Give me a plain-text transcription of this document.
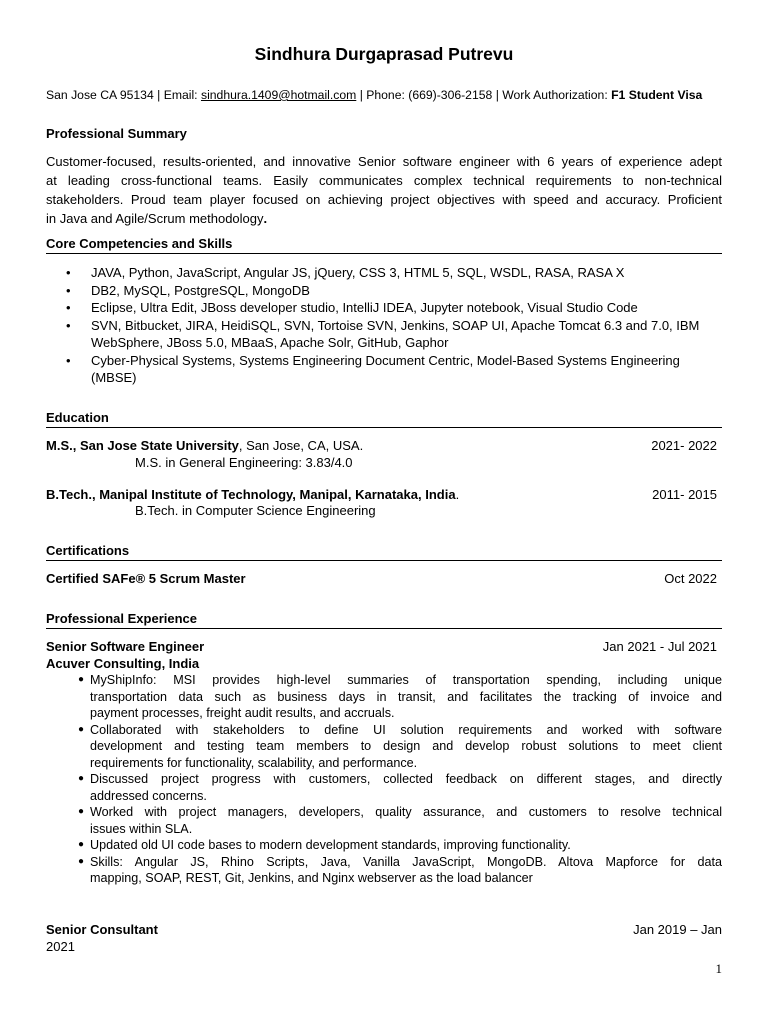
Sindhura Durgaprasad Putrevu
San Jose CA 95134 | Email: sindhura.1409@hotmail.com | Phone: (669)-306-2158 | Work Authorization: F1 Student Visa
Professional Summary
Customer-focused, results-oriented, and innovative Senior software engineer with 6 years of experience adept
at leading cross-functional teams. Easily communicates complex technical requirements to non-technical
stakeholders. Proud team player focused on achieving project objectives with speed and accuracy. Proficient
in Java and Agile/Scrum methodology.
Core Competencies and Skills
• JAVA, Python, JavaScript, Angular JS, jQuery, CSS 3, HTML 5, SQL, WSDL, RASA, RASA X
• DB2, MySQL, PostgreSQL, MongoDB
• Eclipse, Ultra Edit, JBoss developer studio, IntelliJ IDEA, Jupyter notebook, Visual Studio Code
• SVN, Bitbucket, JIRA, HeidiSQL, SVN, Tortoise SVN, Jenkins, SOAP UI, Apache Tomcat 6.3 and 7.0, IBM WebSphere, JBoss 5.0, MBaaS, Apache Solr, GitHub, Gaphor
• Cyber-Physical Systems, Systems Engineering Document Centric, Model-Based Systems Engineering (MBSE)
Education
M.S., San Jose State University, San Jose, CA, USA.	2021- 2022
M.S. in General Engineering: 3.83/4.0
B.Tech., Manipal Institute of Technology, Manipal, Karnataka, India.	2011- 2015
B.Tech. in Computer Science Engineering
Certifications
Certified SAFe® 5 Scrum Master	Oct 2022
Professional Experience
Senior Software Engineer	Jan 2021 - Jul 2021
Acuver Consulting, India
● MyShipInfo: MSI provides high-level summaries of transportation spending, including unique
transportation data such as business days in transit, and facilitates the tracking of invoice and
payment processes, freight audit results, and accruals.
● Collaborated with stakeholders to define UI solution requirements and worked with software
development and testing team members to design and develop robust solutions to meet client
requirements for functionality, scalability, and performance.
● Discussed project progress with customers, collected feedback on different stages, and directly
addressed concerns.
● Worked with project managers, developers, quality assurance, and customers to resolve technical
issues within SLA.
● Updated old UI code bases to modern development standards, improving functionality.
● Skills: Angular JS, Rhino Scripts, Java, Vanilla JavaScript, MongoDB. Altova Mapforce for data
mapping, SOAP, REST, Git, Jenkins, and Nginx webserver as the load balancer
Senior Consultant	Jan 2019 – Jan
2021
1
